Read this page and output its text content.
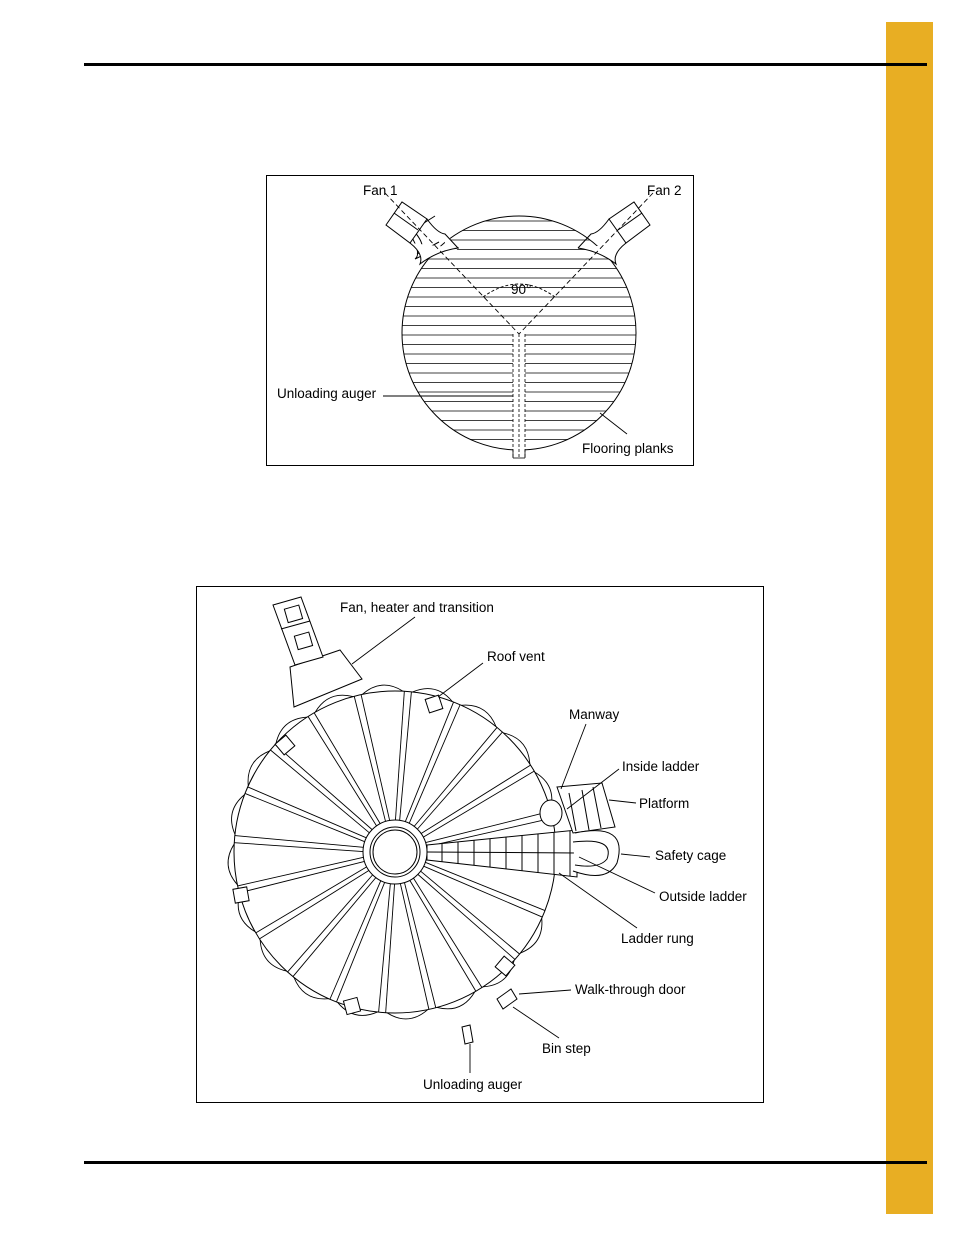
Fan 1	Fan 2
90°
Unloading auger
Flooring planks
Fan, heater and transition
Roof vent
Manway
Inside ladder
Platform
Safety cage
Outside ladder
Ladder rung
Walk-through door
Bin step
Unloading auger
